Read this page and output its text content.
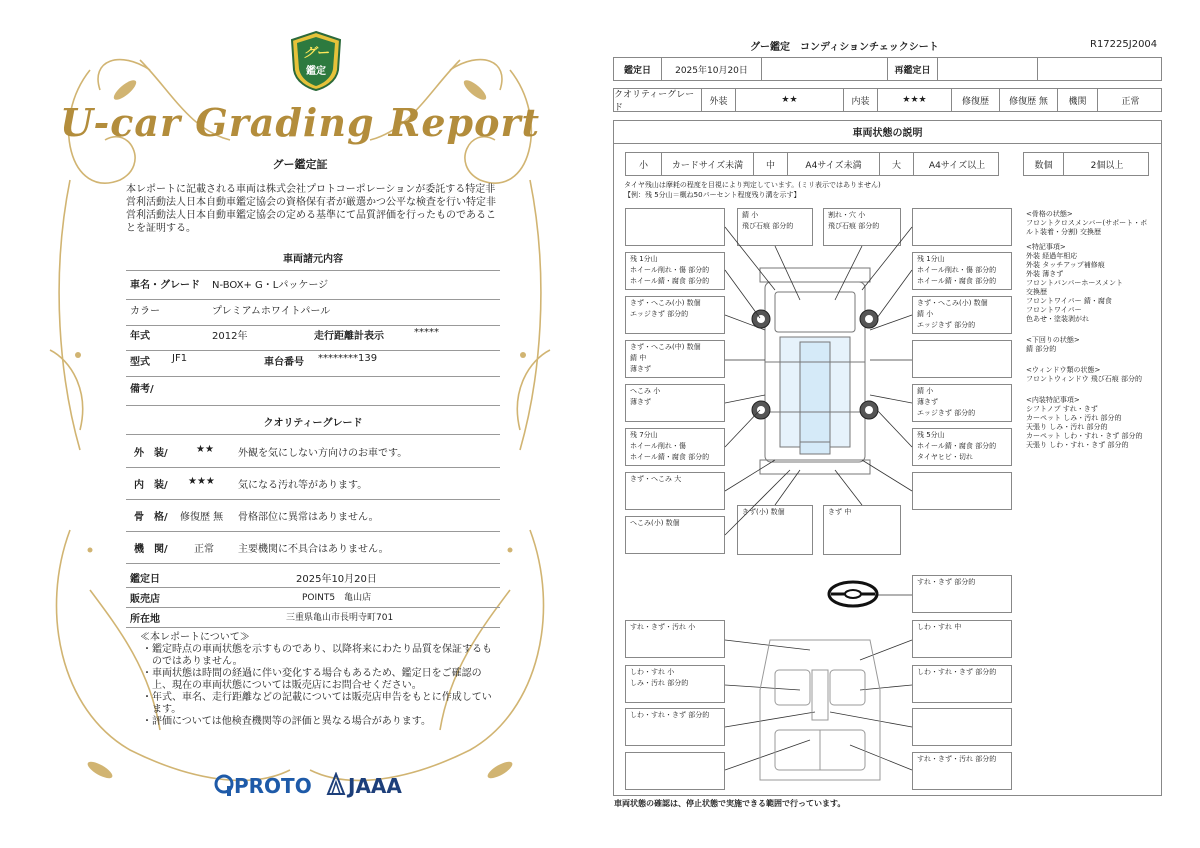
グー
鑑定
U-car Grading Report
グー鑑定証
本レポートに記載される車両は株式会社プロトコーポレーションが委託する特定非営利活動法人日本自動車鑑定協会の資格保有者が厳選かつ公平な検査を行い特定非営利活動法人日本自動車鑑定協会の定める基準にて品質評価を行ったものであることを証明する。
車両諸元内容
車名・グレード N-BOX+ G・Lパッケージ
カラー	プレミアムホワイトパール
年式	2012年	走行距離計表示	*****
型式 JF1	車台番号 ********139
備考/
クオリティーグレード
外　装/	★★ 外観を気にしない方向けのお車です。
内　装/ ★★★ 気になる汚れ等があります。
骨　格/ 修復歴 無 骨格部位に異常はありません。
機　関/	正常 主要機関に不具合はありません。
鑑定日	2025年10月20日
販売店	POINT5　亀山店
所在地	三重県亀山市長明寺町701
≪本レポートについて≫
・鑑定時点の車両状態を示すものであり、以降将来にわたり品質を保証するものではありません。
・車両状態は時間の経過に伴い変化する場合もあるため、鑑定日をご確認の上、現在の車両状態については販売店にお問合せください。
・年式、車名、走行距離などの記載については販売店申告をもとに作成しています。
・評価については他検査機関等の評価と異なる場合があります。
PROTO JAAA
グー鑑定　コンディションチェックシート	R17225J2004
鑑定日	2025年10月20日	再鑑定日
クオリティーグレード
外装	★★	内装	★★★	修復歴	修復歴 無	機関	正常
車両状態の説明
小	カードサイズ未満	中	A4サイズ未満	大	A4サイズ以上	数個	2個以上
タイヤ残山は摩耗の程度を目視により判定しています。(ミリ表示ではありません)
【例：残 5分山＝概ね50パーセント程度残り溝を示す】
錆 小
飛び石痕 部分的
割れ・穴 小
飛び石痕 部分的
残 1分山
ホイール削れ・傷 部分的
ホイール錆・腐食 部分的
残 1分山
ホイール削れ・傷 部分的
ホイール錆・腐食 部分的
きず・へこみ(小) 数個
エッジきず 部分的
きず・へこみ(小) 数個
錆 小
エッジきず 部分的
きず・へこみ(中) 数個
錆 中
薄きず
へこみ 小
薄きず
錆 小
薄きず
エッジきず 部分的
残 7分山
ホイール削れ・傷
ホイール錆・腐食 部分的
残 5分山
ホイール錆・腐食 部分的
タイヤヒビ・切れ
きず・へこみ 大
へこみ(小) 数個
きず(小) 数個	きず 中
すれ・きず 部分的
すれ・きず・汚れ 小	しわ・すれ 中
しわ・すれ 小
しみ・汚れ 部分的
しわ・すれ・きず 部分的
しわ・すれ・きず 部分的
すれ・きず・汚れ 部分的
<骨格の状態>
フロントクロスメンバー(サポート・ボルト装着・分割) 交換歴
<特記事項>
外装 経過年相応
外装 タッチアップ補修痕
外装 薄きず
フロントバンパーホースメント
交換歴
フロントワイパー 錆・腐食
フロントワイパー
色あせ・塗装剥がれ
<下回りの状態>
錆 部分的
<ウィンドウ類の状態>
フロントウィンドウ 飛び石痕 部分的
<内装特記事項>
シフトノブ すれ・きず
カーペット しみ・汚れ 部分的
天張り しみ・汚れ 部分的
カーペット しわ・すれ・きず 部分的
天張り しわ・すれ・きず 部分的
車両状態の確認は、停止状態で実施できる範囲で行っています。
